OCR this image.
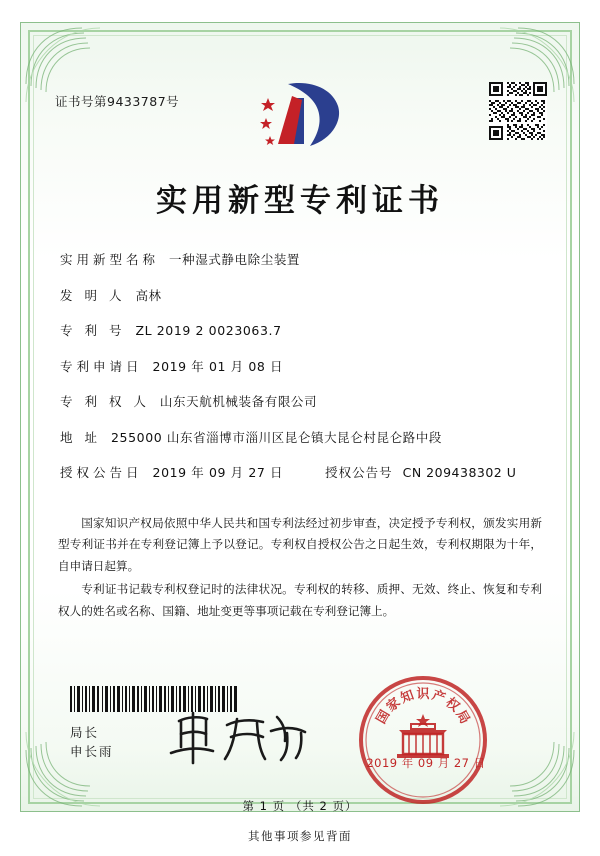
证书号第9433787号
实用新型专利证书
实用新型名称 一种湿式静电除尘装置
发 明 人 高林
专 利 号 ZL 2019 2 0023063.7
专利申请日 2019 年 01 月 08 日
专 利 权 人 山东天航机械装备有限公司
地 址 255000 山东省淄博市淄川区昆仑镇大昆仑村昆仑路中段
授权公告日 2019 年 09 月 27 日	授权公告号 CN 209438302 U

国家知识产权局依照中华人民共和国专利法经过初步审查，决定授予专利权，颁发实用新型专利证书并在专利登记簿上予以登记。专利权自授权公告之日起生效，专利权期限为十年，自申请日起算。

专利证书记载专利权登记时的法律状况。专利权的转移、质押、无效、终止、恢复和专利权人的姓名或名称、国籍、地址变更等事项记载在专利登记簿上。

局长
申长雨
国
家
知 识 产
权
局
2019 年 09 月 27 日
第 1 页 （共 2 页）
其他事项参见背面
